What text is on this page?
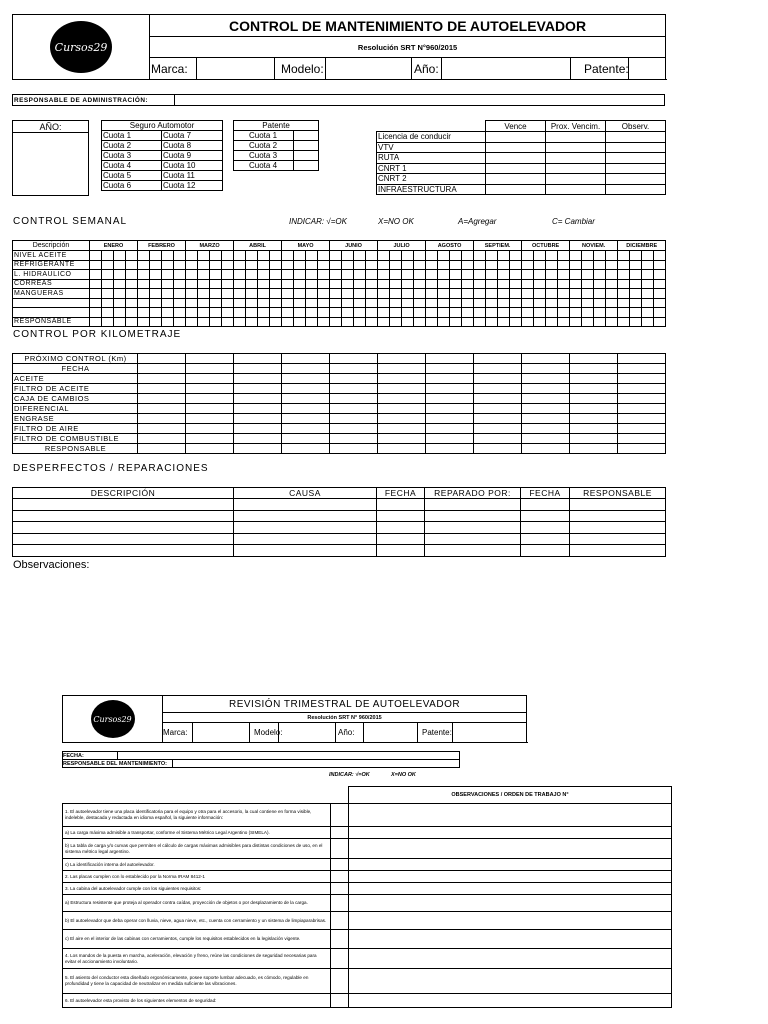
Cursos29	CONTROL DE MANTENIMIENTO DE AUTOELEVADOR							
	Resolución SRT N°960/2015							
	Marca:		Modelo:		Año:		Patente:	
RESPONSABLE DE ADMINISTRACIÓN:	
AÑO:	Seguro Automotor	
Cuota 1	Cuota 7
Cuota 2	Cuota 8
Cuota 3	Cuota 9
Cuota 4	Cuota 10
Cuota 5	Cuota 11
Cuota 6	Cuota 12
Patente	
Cuota 1	
Cuota 2	
Cuota 3	
Cuota 4	
	Vence	Prox. Vencim.	Observ.
Licencia de conducir			
VTV			
RUTA			
CNRT 1			
CNRT 2			
INFRAESTRUCTURA			
CONTROL SEMANAL	INDICAR: √=OK	X=NO OK	A=Agregar	C= Cambiar
Descripción	ENERO				FEBRERO				MARZO				ABRIL				MAYO				JUNIO				JULIO				AGOSTO				SEPTIEM.				OCTUBRE				NOVIEM.				DICIEMBRE			
NIVEL ACEITE																																																
REFRIGERANTE																																																
L. HIDRAULICO																																																
CORREAS																																																
MANGUERAS																																																

RESPONSABLE																																																
CONTROL POR KILOMETRAJE
PRÓXIMO CONTROL (Km)											
FECHA											
ACEITE											
FILTRO DE ACEITE											
CAJA DE CAMBIOS											
DIFERENCIAL											
ENGRASE											
FILTRO DE AIRE											
FILTRO DE COMBUSTIBLE											
RESPONSABLE											
DESPERFECTOS / REPARACIONES
DESCRIPCIÓN	CAUSA	FECHA	REPARADO POR:	FECHA	RESPONSABLE

Observaciones:
Cursos29	REVISIÓN TRIMESTRAL DE AUTOELEVADOR							
	Resolución SRT N° 960/2015							
	Marca:		Modelo:		Año:		Patente:	
FECHA:		
RESPONSABLE DEL MANTENIMIENTO:		
INDICAR: √=OK	X=NO OK
		OBSERVACIONES / ORDEN DE TRABAJO N°
1. El autoelevador tiene una placa identificatoria para el equipo y otra para el accesorio, la cual contiene en forma visible, indeleble, destacada y redactada en idioma español, la siguiente información:		
a) La carga máxima admisible a transportar, conforme el Sistema Métrico Legal Argentino (SIMELA).		
b) La tabla de carga y/o curvas que permiten el cálculo de cargas máximas admisibles para distintas condiciones de uso, en el sistema métrico legal argentino.		
c) La identificación interna del autoelevador.		
2. Las placas cumplen con lo establecido por la Norma IRAM 8412-1		
3. La cabina del autoelevador cumple con los siguientes requisitos:		
a) Estructura resistente que proteja al operador contra caídas, proyección de objetos o por desplazamiento de la carga.		
b) El autoelevador que deba operar con lluvia, nieve, agua nieve, etc., cuenta con cerramiento y un sistema de limpiaparabrisas.		
c) El aire en el interior de las cabinas con cerramientos, cumple los requisitos establecidos en la legislación vigente.		
4. Los mandos de la puesta en marcha, aceleración, elevación y freno, reúne las condiciones de seguridad necesarias para evitar el accionamiento involuntario.		
5. El asiento del conductor esta diseñado ergonómicamente, posee soporte lumbar adecuado, es cómodo, regulable en profundidad y tiene la capacidad de neutralizar en medida suficiente las vibraciones.		
6. El autoelevador esta provisto de los siguientes elementos de seguridad:		
